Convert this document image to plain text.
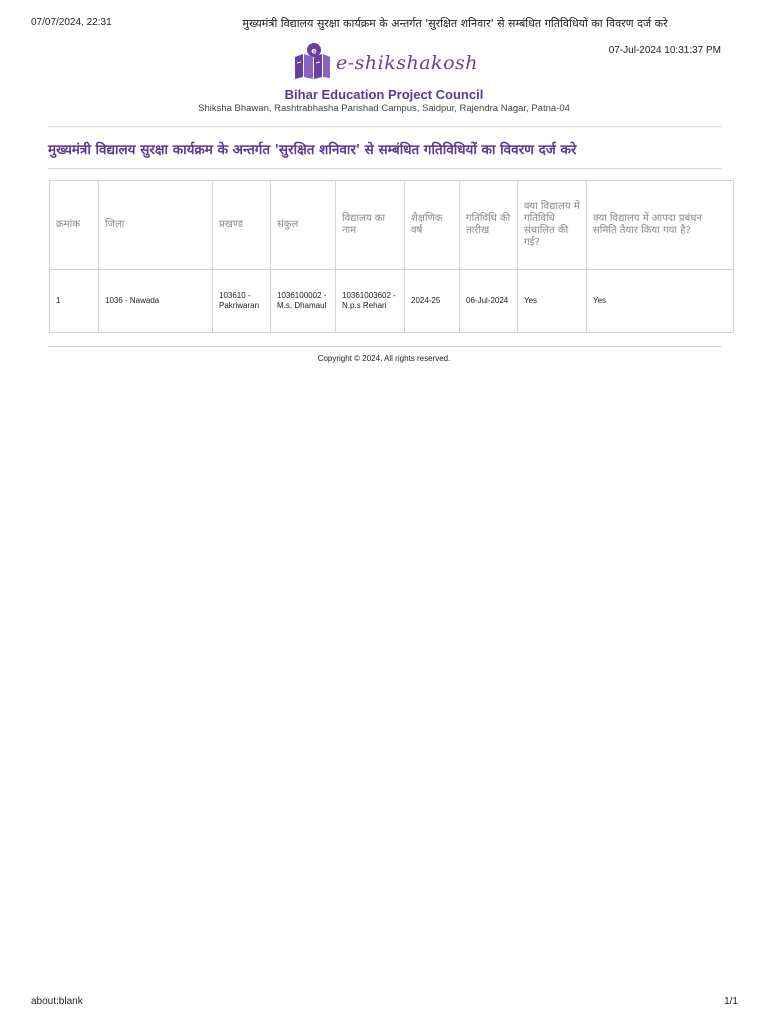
07/07/2024, 22:31	मुख्यमंत्री विद्यालय सुरक्षा कार्यक्रम के अन्तर्गत 'सुरक्षित शनिवार' से सम्बंधित गतिविधियों का विवरण दर्ज करे
07-Jul-2024 10:31:37 PM
e
e-shikshakosh
Bihar Education Project Council
Shiksha Bhawan, Rashtrabhasha Parishad Campus, Saidpur, Rajendra Nagar, Patna-04
मुख्यमंत्री विद्यालय सुरक्षा कार्यक्रम के अन्तर्गत 'सुरक्षित शनिवार' से सम्बंधित गतिविधियों का विवरण दर्ज करे
क्रमांक	जिला	प्रखण्ड	संकुल	विद्यालय का नाम	शैक्षणिक वर्ष	गतिविधि की तारीख	क्या विद्यालय में गतिविधि संचालित की गई?	क्या विद्यालय में आपदा प्रबंधन समिति तैयार किया गया है?
1	1036 - Nawada	103610 - Pakriwaran	1036100002 - M.s, Dhamaul	10361003602 - N.p.s Rehari	2024-25	06-Jul-2024	Yes	Yes
Copyright © 2024, All rights reserved.
about:blank	1/1
